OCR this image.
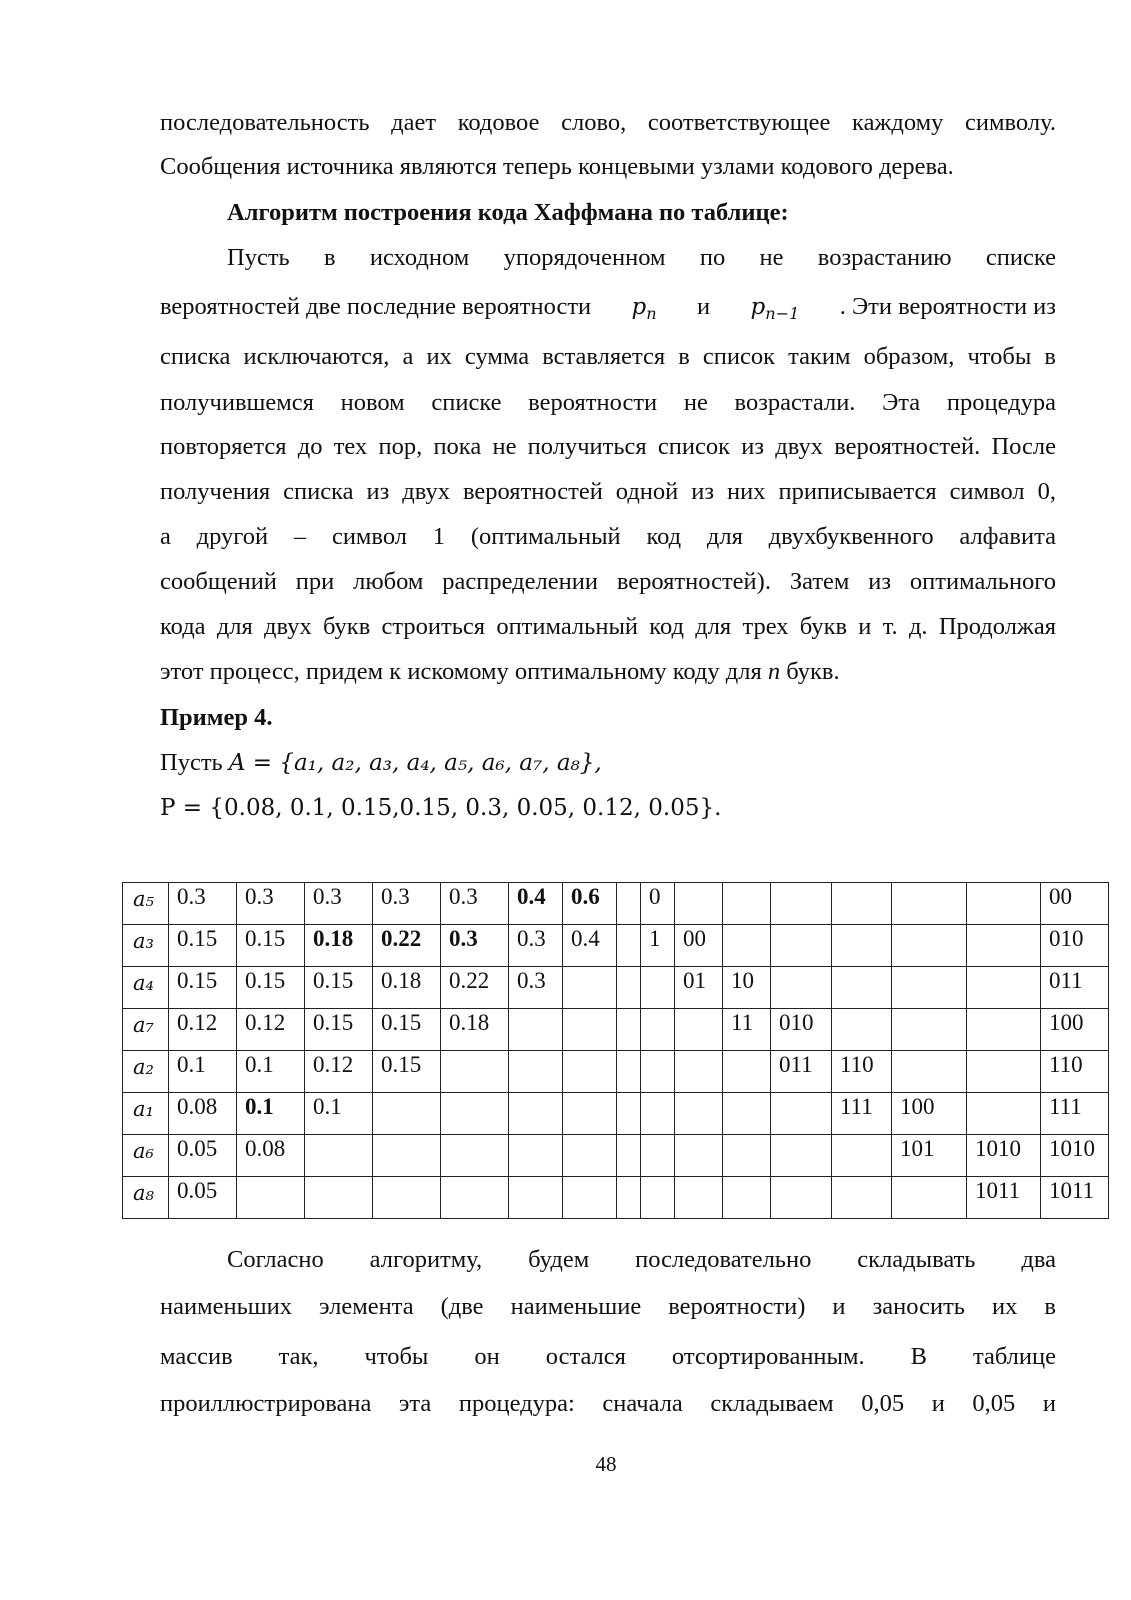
последовательность дает кодовое слово, соответствующее каждому символу.
Сообщения источника являются теперь концевыми узлами кодового дерева.
Алгоритм построения кода Хаффмана по таблице:
Пусть в исходном упорядоченном по не возрастанию списке
вероятностей две последние вероятности $p_n$ и $p_{n-1}$ . Эти вероятности из
списка исключаются, а их сумма вставляется в список таким образом, чтобы в
получившемся новом списке вероятности не возрастали. Эта процедура
повторяется до тех пор, пока не получиться список из двух вероятностей. После
получения списка из двух вероятностей одной из них приписывается символ 0,
а другой – символ 1 (оптимальный код для двухбуквенного алфавита
сообщений при любом распределении вероятностей). Затем из оптимального
кода для двух букв строиться оптимальный код для трех букв и т. д. Продолжая
этот процесс, придем к искомому оптимальному коду для n букв.
Пример 4.
Пусть A = {a₁, a₂, a₃, a₄, a₅, a₆, a₇, a₈},
P = {0.08, 0.1, 0.15,0.15, 0.3, 0.05, 0.12, 0.05}.
a₅	0.3	0.3	0.3	0.3	0.3	0.4	0.6		0							00
a₃	0.15	0.15	0.18	0.22	0.3	0.3	0.4		1	00						010
a₄	0.15	0.15	0.15	0.18	0.22	0.3				01	10					011
a₇	0.12	0.12	0.15	0.15	0.18						11	010				100
a₂	0.1	0.1	0.12	0.15								011	110			110
a₁	0.08	0.1	0.1										111	100		111
a₆	0.05	0.08												101	1010	1010
a₈	0.05														1011	1011
48
Согласно алгоритму, будем последовательно складывать два
наименьших элемента (две наименьшие вероятности) и заносить их в
массив так, чтобы он остался отсортированным. В таблице
проиллюстрирована эта процедура: сначала складываем 0,05 и 0,05 и
